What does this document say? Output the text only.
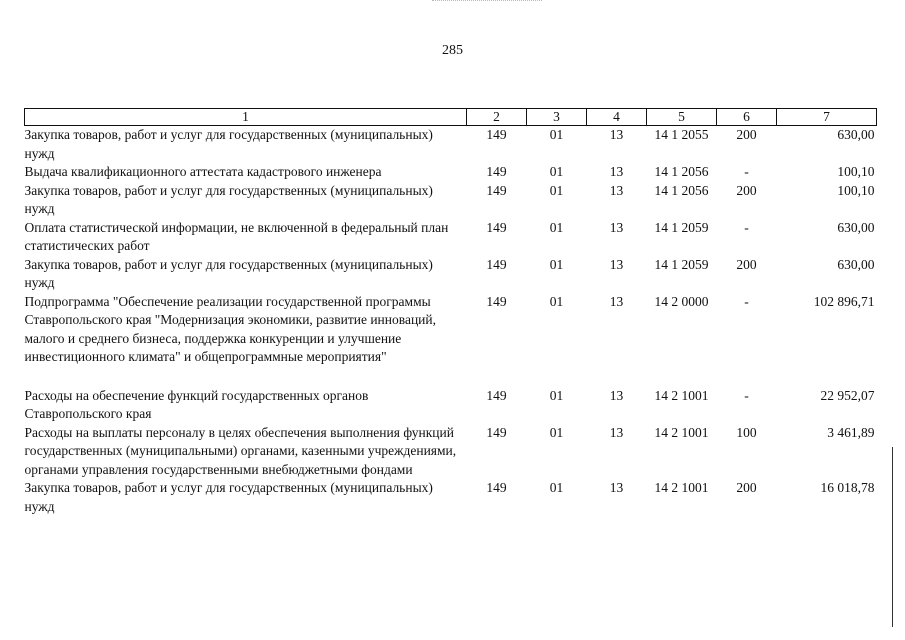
285
1	2	3	4	5	6	7
Закупка товаров, работ и услуг для государственных (муниципальных) нужд	149	01	13	14 1 2055	200	630,00
Выдача квалификационного аттестата кадастрового инженера	149	01	13	14 1 2056	-	100,10
Закупка товаров, работ и услуг для государственных (муниципальных) нужд	149	01	13	14 1 2056	200	100,10
Оплата статистической информации, не включенной в федеральный план статистических работ	149	01	13	14 1 2059	-	630,00
Закупка товаров, работ и услуг для государственных (муниципальных) нужд	149	01	13	14 1 2059	200	630,00
Подпрограмма "Обеспечение реализации государственной программы Ставропольского края "Модернизация экономики, развитие инноваций, малого и среднего бизнеса, поддержка конкуренции и улучшение инвестиционного климата" и общепрограммные мероприятия"	149	01	13	14 2 0000	-	102 896,71

Расходы на обеспечение функций государственных органов Ставропольского края	149	01	13	14 2 1001	-	22 952,07
Расходы на выплаты персоналу в целях обеспечения выполнения функций государственных (муниципальными) органами, казенными учреждениями, органами управления государственными внебюджетными фондами	149	01	13	14 2 1001	100	3 461,89
Закупка товаров, работ и услуг для государственных (муниципальных) нужд	149	01	13	14 2 1001	200	16 018,78
